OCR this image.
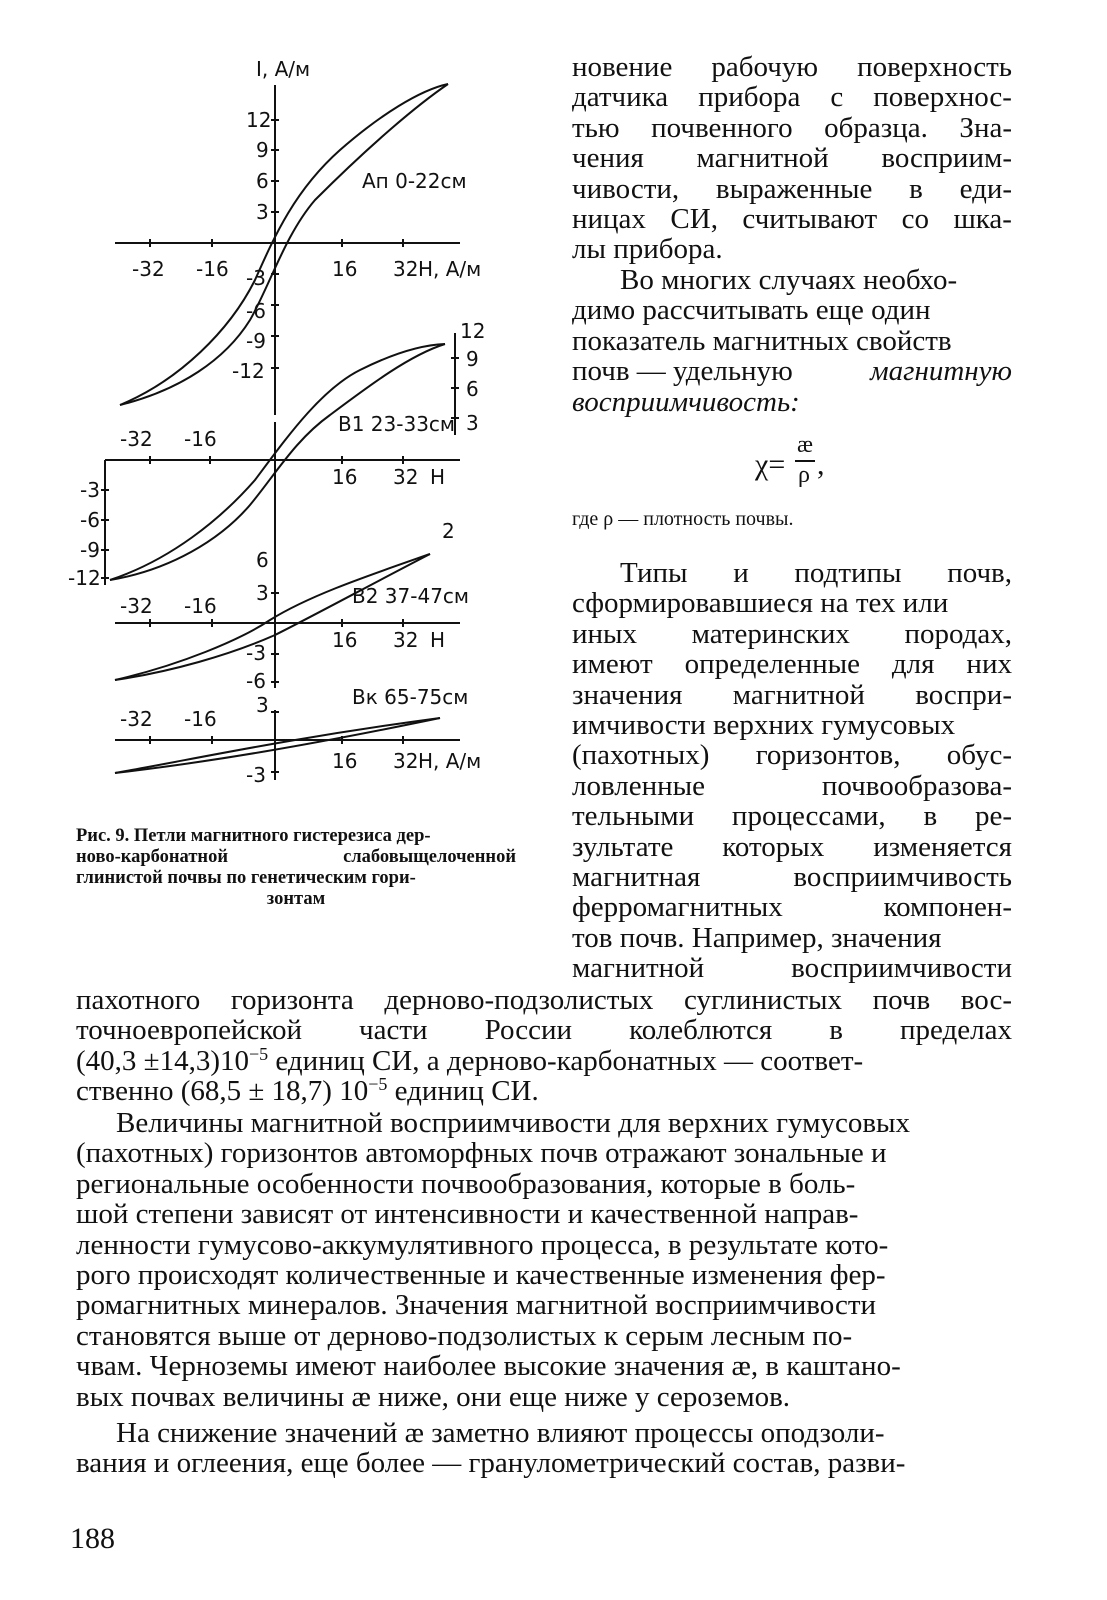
I, А/м
12
9
6
3
-3
-6
-9
-12
-32 -16	16 32 H, А/м
Aп 0-22см
-32 -16
16 32 H
B1 23-33см
12
9
6
3
-3
-6
-9
-12
2
6
3
-3
-6
-32 -16
16 32 H
B2 37-47см
3
-3
-32 -16
16 32 H, А/м
Bк 65-75см
Рис. 9. Петли магнитного гистерезиса дер-
ново-карбонатной	слабовыщелоченной
глинистой почвы по генетическим гори-
зонтам
новение рабочую поверхность
датчика прибора с поверхнос-
тью почвенного образца. Зна-
чения магнитной восприим-
чивости, выраженные в еди-
ницах СИ, считывают со шка-
лы прибора.
Во многих случаях необхо-
димо рассчитывать еще один
показатель магнитных свойств
почв — удельную	магнитную
восприимчивость:
χ=
æ
ρ ,
где ρ — плотность почвы.
Типы и подтипы почв,
сформировавшиеся на тех или
иных материнских породах,
имеют определенные для них
значения магнитной воспри-
имчивости верхних гумусовых
(пахотных) горизонтов, обус-
ловленные	почвообразова-
тельными процессами, в ре-
зультате которых изменяется
магнитная	восприимчивость
ферромагнитных	компонен-
тов почв. Например, значения
магнитной	восприимчивости
пахотного горизонта дерново-подзолистых суглинистых почв вос-
точноевропейской части России колеблются в пределах
$(40,3 \pm 14,3)10^{-5}$ единиц СИ, а дерново-карбонатных — соответ-
ственно (68,5 ± 18,7) $10^{-5}$ единиц СИ.
Величины магнитной восприимчивости для верхних гумусовых
(пахотных) горизонтов автоморфных почв отражают зональные и
региональные особенности почвообразования, которые в боль-
шой степени зависят от интенсивности и качественной направ-
ленности гумусово-аккумулятивного процесса, в результате кото-
рого происходят количественные и качественные изменения фер-
ромагнитных минералов. Значения магнитной восприимчивости
становятся выше от дерново-подзолистых к серым лесным по-
чвам. Черноземы имеют наиболее высокие значения æ, в каштано-
вых почвах величины æ ниже, они еще ниже у сероземов.
На снижение значений æ заметно влияют процессы оподзоли-
вания и оглеения, еще более — гранулометрический состав, разви-
188
